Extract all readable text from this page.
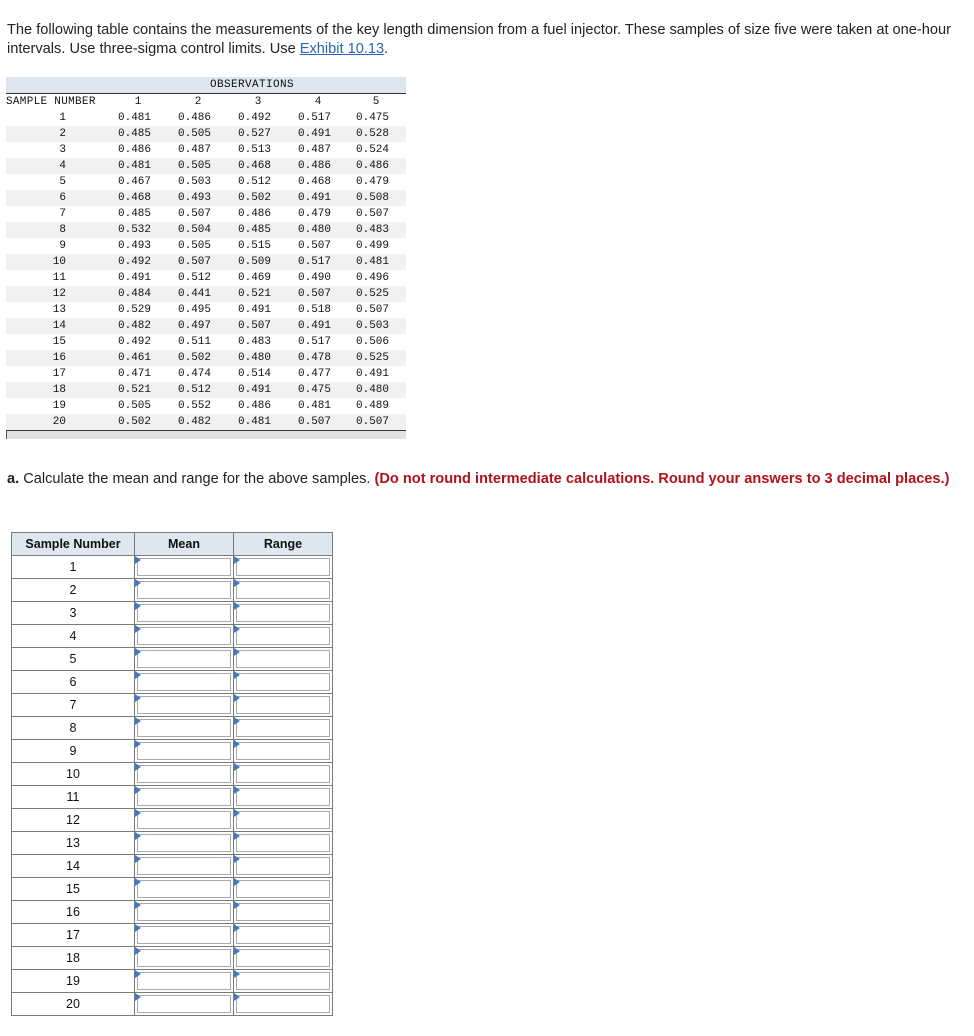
The following table contains the measurements of the key length dimension from a fuel injector. These samples of size five were taken at one-hour intervals. Use three-sigma control limits. Use Exhibit 10.13.
OBSERVATIONS
SAMPLE NUMBER	1	2	3	4	5
1	0.481 0.486 0.492 0.517 0.475
2	0.485 0.505 0.527 0.491 0.528
3	0.486 0.487 0.513 0.487 0.524
4	0.481 0.505 0.468 0.486 0.486
5	0.467 0.503 0.512 0.468 0.479
6	0.468 0.493 0.502 0.491 0.508
7	0.485 0.507 0.486 0.479 0.507
8	0.532 0.504 0.485 0.480 0.483
9	0.493 0.505 0.515 0.507 0.499
10	0.492 0.507 0.509 0.517 0.481
11	0.491 0.512 0.469 0.490 0.496
12	0.484 0.441 0.521 0.507 0.525
13	0.529 0.495 0.491 0.518 0.507
14	0.482 0.497 0.507 0.491 0.503
15	0.492 0.511 0.483 0.517 0.506
16	0.461 0.502 0.480 0.478 0.525
17	0.471 0.474 0.514 0.477 0.491
18	0.521 0.512 0.491 0.475 0.480
19	0.505 0.552 0.486 0.481 0.489
20	0.502 0.482 0.481 0.507 0.507
a. Calculate the mean and range for the above samples. (Do not round intermediate calculations. Round your answers to 3 decimal places.)
Sample Number	Mean	Range
1	

2	

3	

4	

5	

6	

7	

8	

9	

10	

11	

12	

13	

14	

15	

16	

17	

18	

19	

20	
